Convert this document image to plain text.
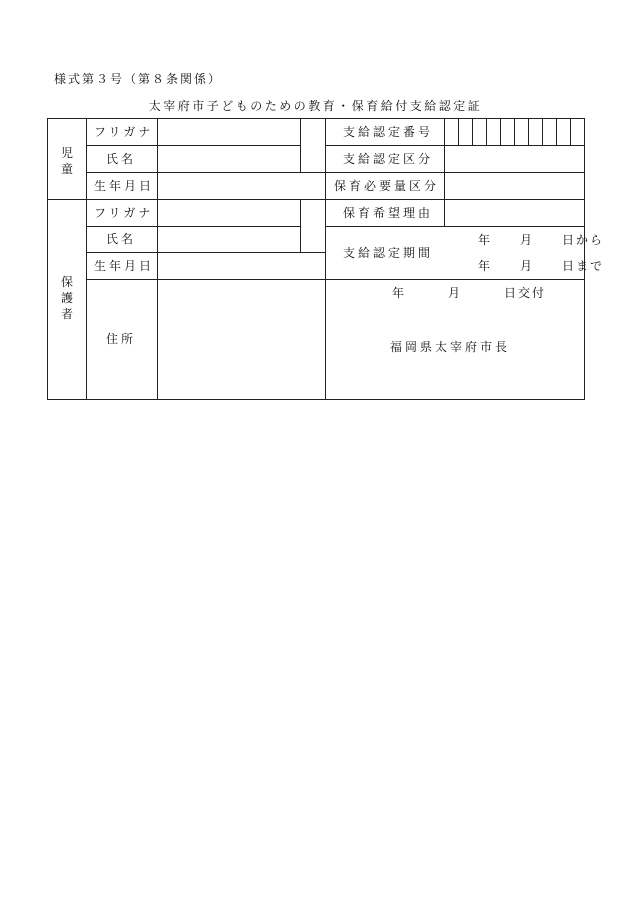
様式第３号（第８条関係）
太宰府市子どものための教育・保育給付支給認定証
児童
フリガナ
氏名
生年月日
支給認定番号
支給認定区分
保育必要量区分
保育希望理由
支給認定期間
年　　月　　日から
年　　月　　日まで
保護者
フリガナ
氏名
生年月日
住所
年　　　月　　　日交付
福岡県太宰府市長
